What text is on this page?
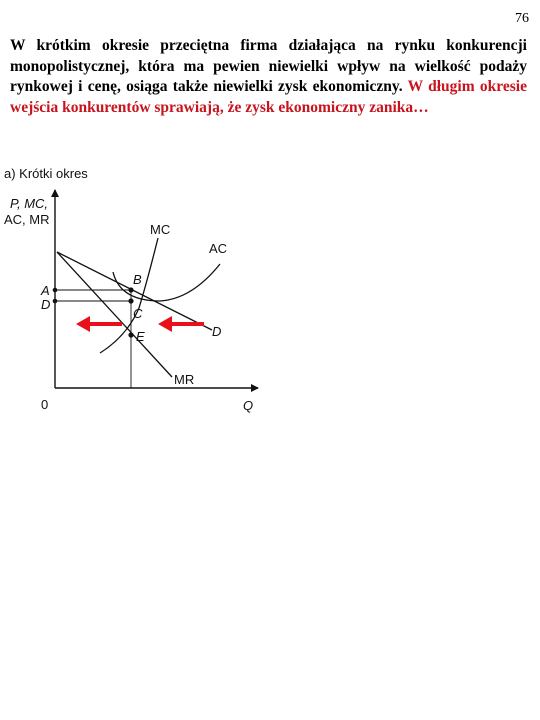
76

W krótkim okresie przeciętna firma działająca na rynku konkurencji monopolistycznej, która ma pewien niewielki wpływ na wielkość podaży rynkowej i cenę, osiąga także niewielki zysk ekonomiczny. W długim okresie wejścia konkurentów sprawiają, że zysk ekonomiczny zanika…

a) Krótki okres
P, MC,
AC, MR
0	Q
MC
AC
D
MR
A
D
B
C
E
